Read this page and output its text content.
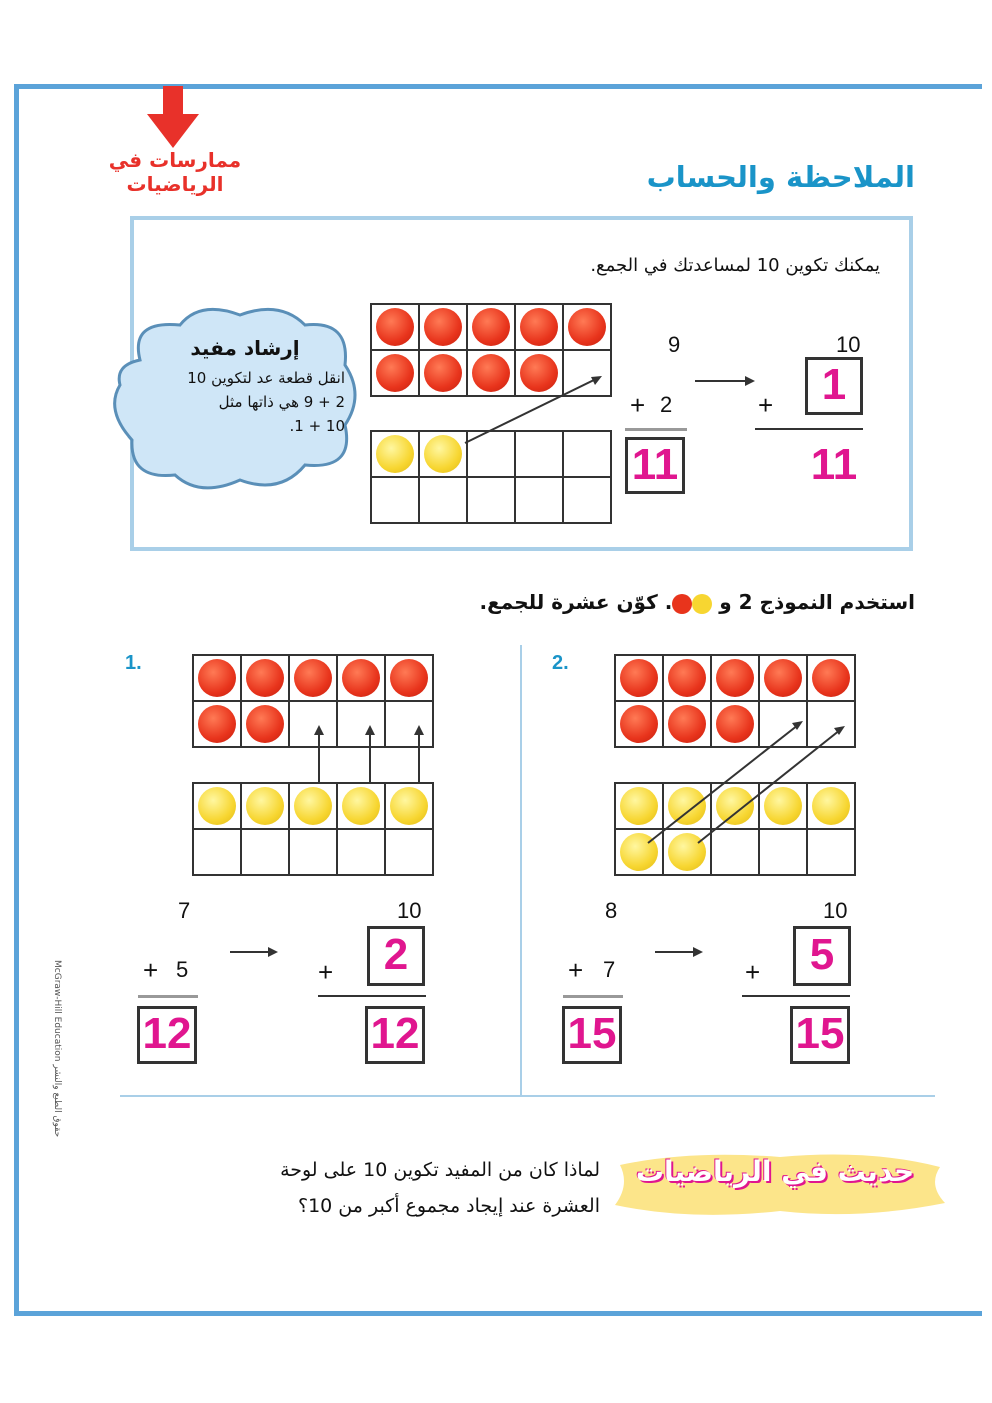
ممارسات في
الرياضيات	الملاحظة والحساب
يمكنك تكوين 10 لمساعدتك في الجمع.
إرشاد مفيد
انقل قطعة عد لتكوين 10
2 + 9 هي ذاتها مثل
10 + 1.

9
+ 2
11
10
+	1
11
استخدم النموذج 2 و . كوّن عشرة للجمع.
1.

7
+ 5
12
10
+	2
12
2.

8
+ 7
15
10
+	5
15
حديث في الرياضيات
لماذا كان من المفيد تكوين 10 على لوحة
العشرة عند إيجاد مجموع أكبر من 10؟
McGraw-Hill Education حقوق الطبع والنشر
